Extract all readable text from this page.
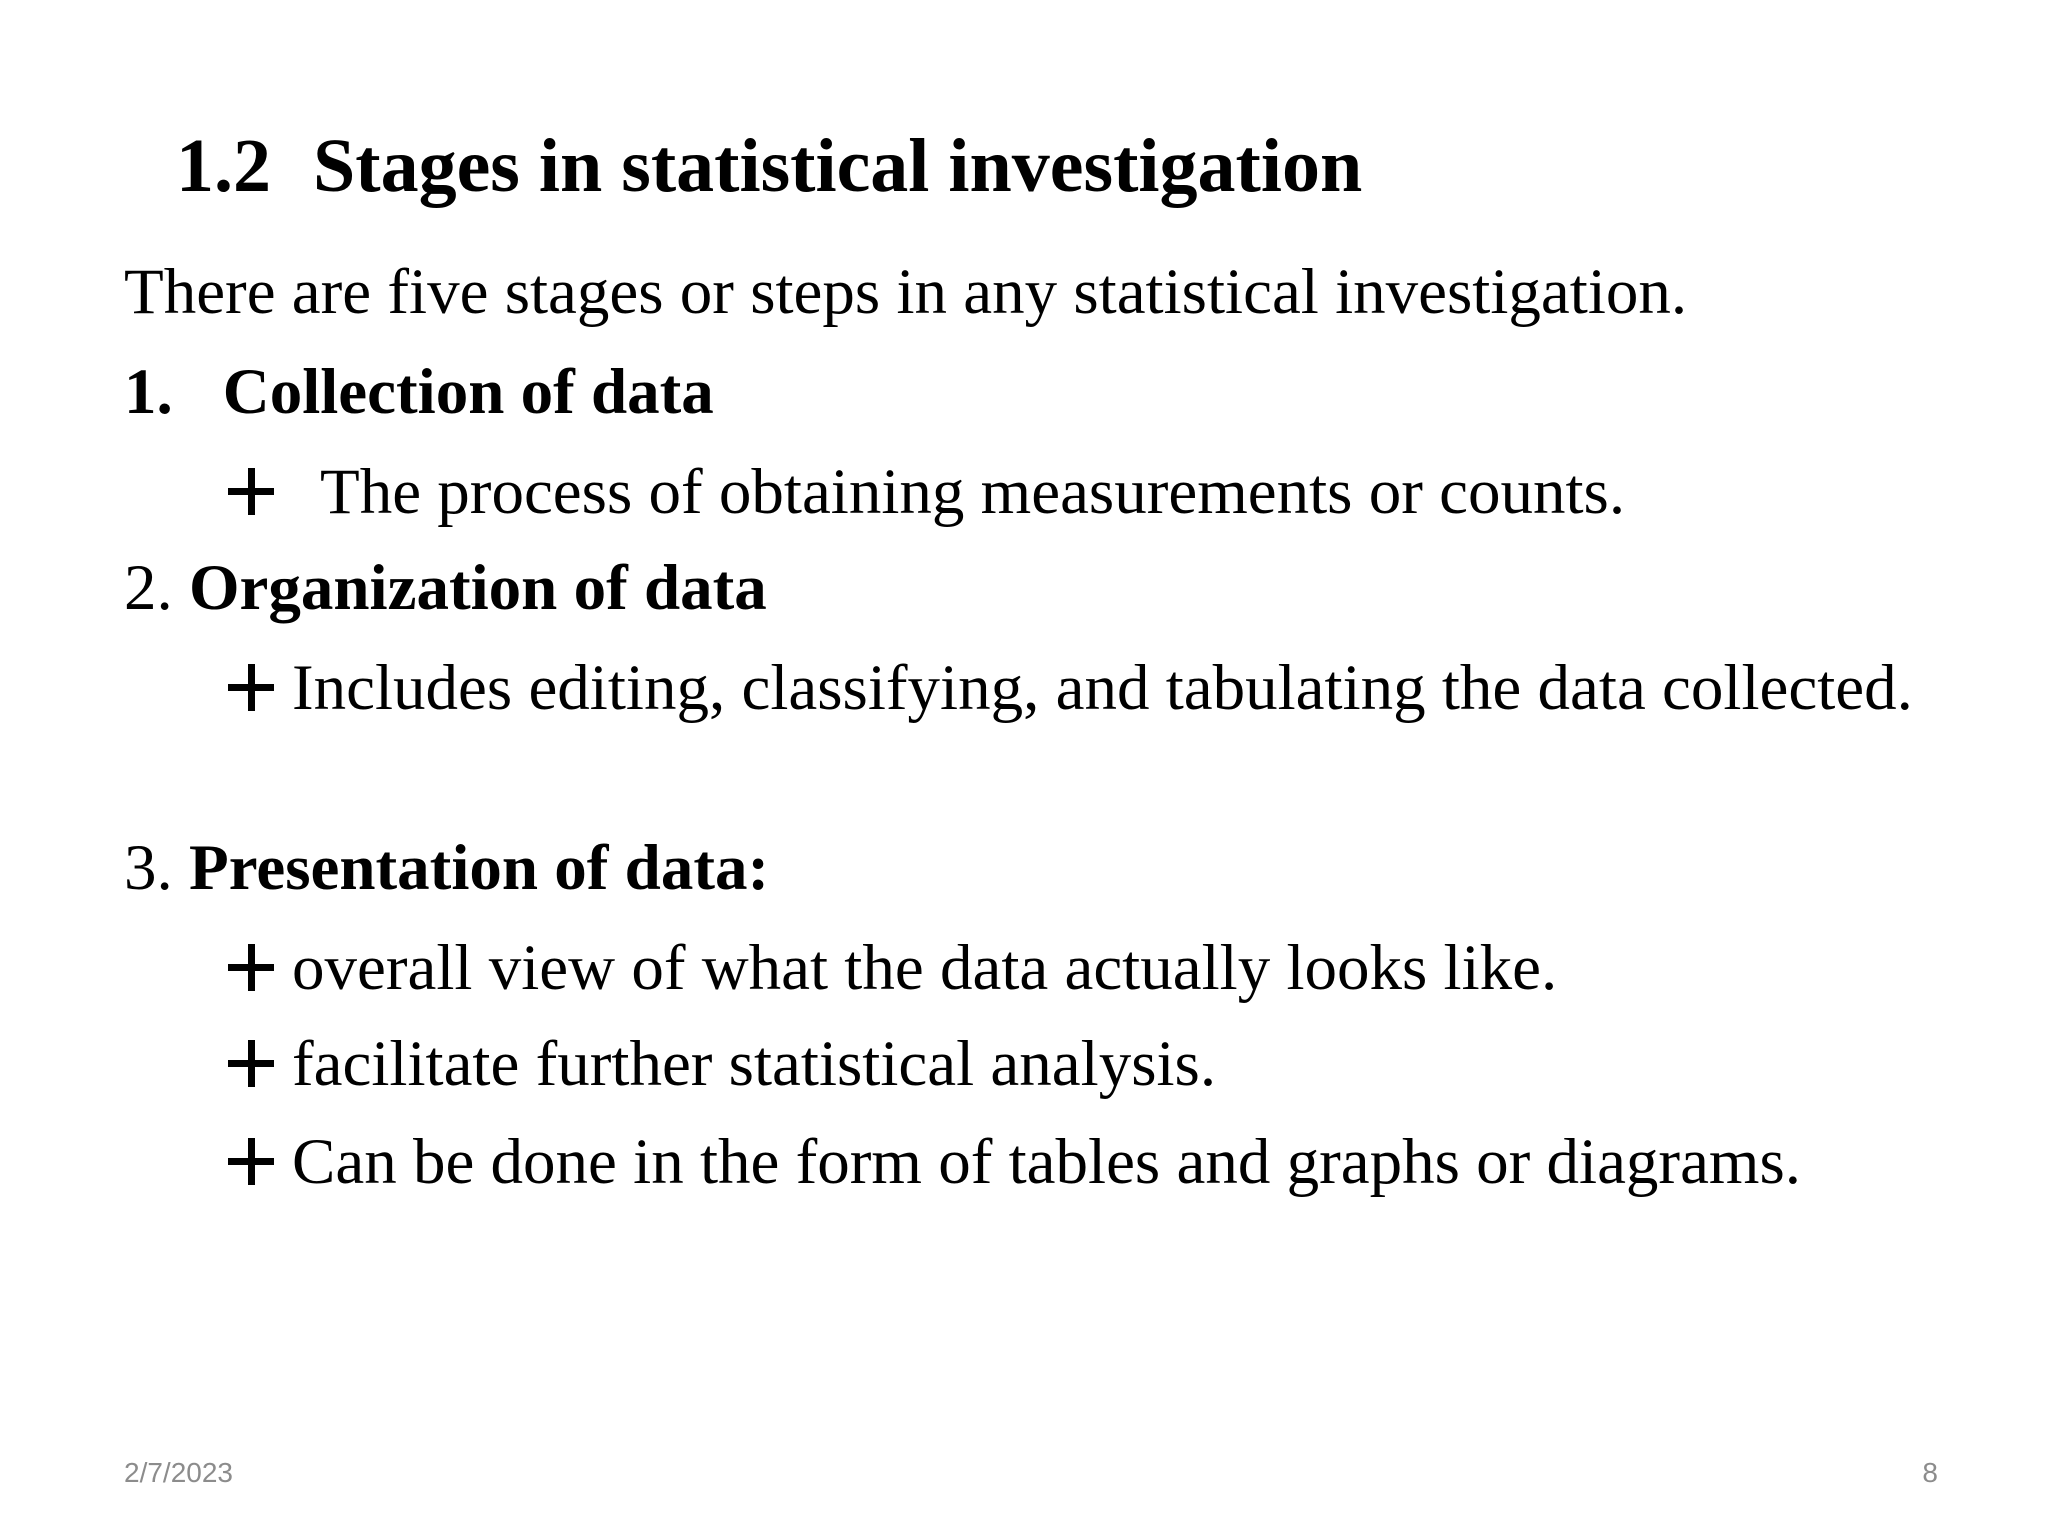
1.2 Stages in statistical investigation
There are five stages or steps in any statistical investigation.
1. Collection of data
The process of obtaining measurements or counts.
2. Organization of data
Includes editing, classifying, and tabulating the data collected.
3. Presentation of data:
overall view of what the data actually looks like.
facilitate further statistical analysis.
Can be done in the form of tables and graphs or diagrams.
2/7/2023	8
